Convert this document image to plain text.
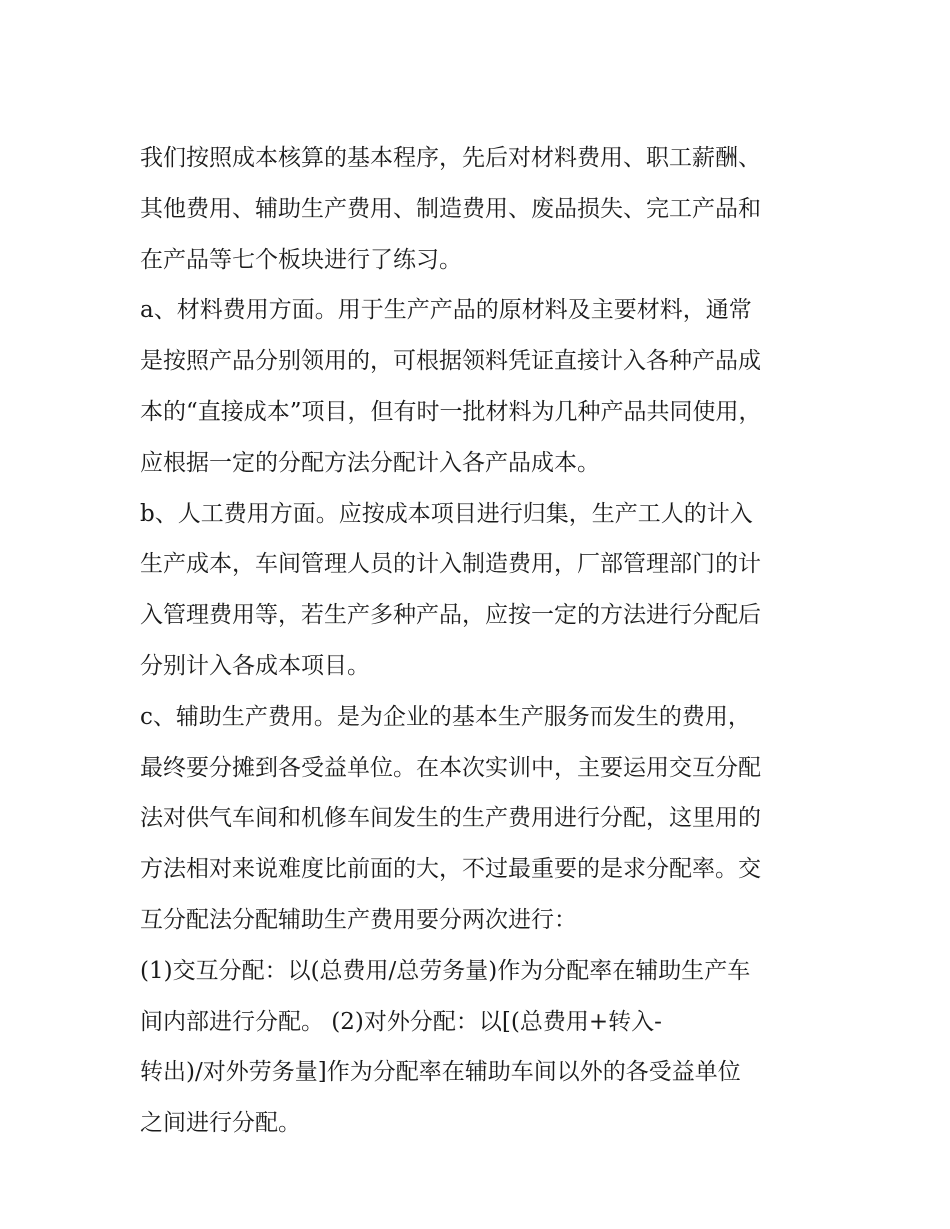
我们按照成本核算的基本程序，先后对材料费用、职工薪酬、
其他费用、辅助生产费用、制造费用、废品损失、完工产品和
在产品等七个板块进行了练习。
a、材料费用方面。用于生产产品的原材料及主要材料，通常
是按照产品分别领用的，可根据领料凭证直接计入各种产品成
本的“直接成本”项目，但有时一批材料为几种产品共同使用，
应根据一定的分配方法分配计入各产品成本。
b、人工费用方面。应按成本项目进行归集，生产工人的计入
生产成本，车间管理人员的计入制造费用，厂部管理部门的计
入管理费用等，若生产多种产品，应按一定的方法进行分配后
分别计入各成本项目。
c、辅助生产费用。是为企业的基本生产服务而发生的费用，
最终要分摊到各受益单位。在本次实训中，主要运用交互分配
法对供气车间和机修车间发生的生产费用进行分配，这里用的
方法相对来说难度比前面的大，不过最重要的是求分配率。交
互分配法分配辅助生产费用要分两次进行：
(1)交互分配：以(总费用/总劳务量)作为分配率在辅助生产车
间内部进行分配。 (2)对外分配：以[(总费用+转入-
转出)/对外劳务量]作为分配率在辅助车间以外的各受益单位
之间进行分配。
